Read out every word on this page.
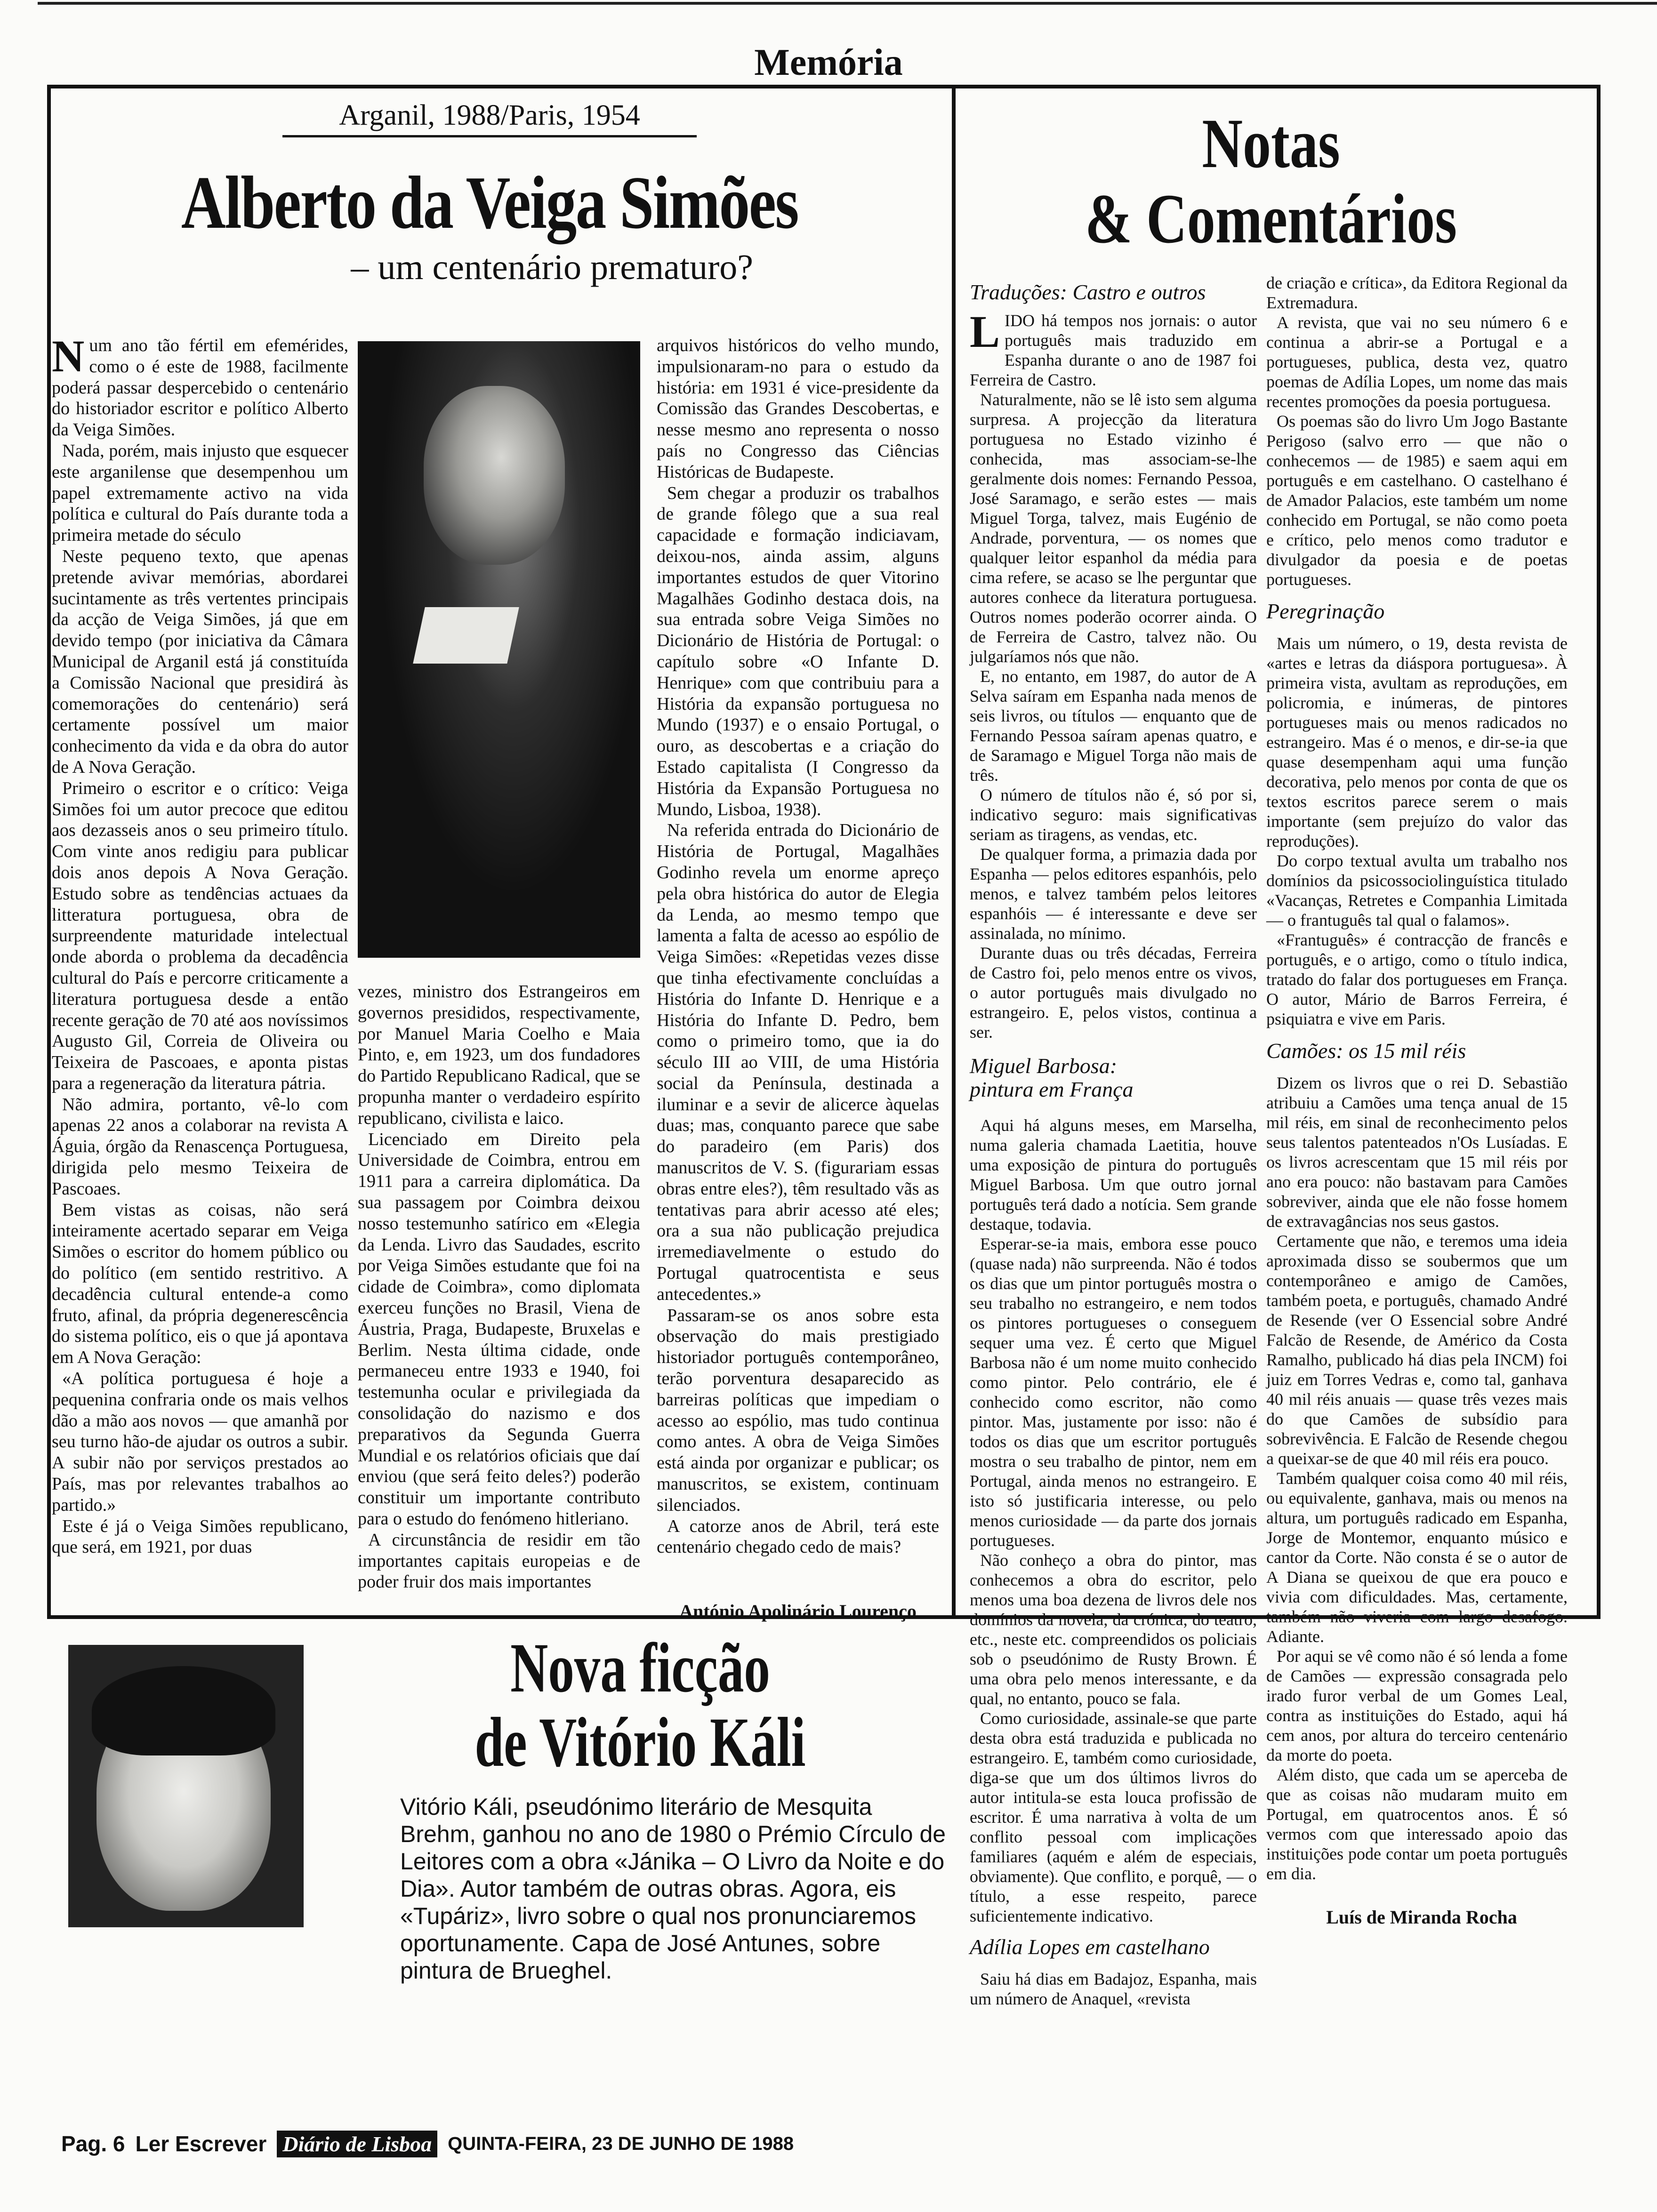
Memória
Arganil, 1988/Paris, 1954
Alberto da Veiga Simões
– um centenário prematuro?
N um ano tão fértil em efemérides, como o é este de 1988, facilmente poderá passar despercebido o centenário do historiador escritor e político Alberto da Veiga Simões.

Nada, porém, mais injusto que esquecer este arganilense que desempenhou um papel extremamente activo na vida política e cultural do País durante toda a primeira metade do século

Neste pequeno texto, que apenas pretende avivar memórias, abordarei sucintamente as três vertentes principais da acção de Veiga Simões, já que em devido tempo (por iniciativa da Câmara Municipal de Arganil está já constituída a Comissão Nacional que presidirá às comemorações do centenário) será certamente possível um maior conhecimento da vida e da obra do autor de A Nova Geração.

Primeiro o escritor e o crítico: Veiga Simões foi um autor precoce que editou aos dezasseis anos o seu primeiro título. Com vinte anos redigiu para publicar dois anos depois A Nova Geração. Estudo sobre as tendências actuaes da litteratura portuguesa, obra de surpreendente maturidade intelectual onde aborda o problema da decadência cultural do País e percorre criticamente a literatura portuguesa desde a então recente geração de 70 até aos novíssimos Augusto Gil, Correia de Oliveira ou Teixeira de Pascoaes, e aponta pistas para a regeneração da literatura pátria.

Não admira, portanto, vê-lo com apenas 22 anos a colaborar na revista A Águia, órgão da Renascença Portuguesa, dirigida pelo mesmo Teixeira de Pascoaes.

Bem vistas as coisas, não será inteiramente acertado separar em Veiga Simões o escritor do homem público ou do político (em sentido restritivo. A decadência cultural entende-a como fruto, afinal, da própria degenerescência do sistema político, eis o que já apontava em A Nova Geração:

«A política portuguesa é hoje a pequenina confraria onde os mais velhos dão a mão aos novos — que amanhã por seu turno hão-de ajudar os outros a subir. A subir não por serviços prestados ao País, mas por relevantes trabalhos ao partido.»

Este é já o Veiga Simões republicano, que será, em 1921, por duas

vezes, ministro dos Estrangeiros em governos presididos, respectivamente, por Manuel Maria Coelho e Maia Pinto, e, em 1923, um dos fundadores do Partido Republicano Radical, que se propunha manter o verdadeiro espírito republicano, civilista e laico.

Licenciado em Direito pela Universidade de Coimbra, entrou em 1911 para a carreira diplomática. Da sua passagem por Coimbra deixou nosso testemunho satírico em «Elegia da Lenda. Livro das Saudades, escrito por Veiga Simões estudante que foi na cidade de Coimbra», como diplomata exerceu funções no Brasil, Viena de Áustria, Praga, Budapeste, Bruxelas e Berlim. Nesta última cidade, onde permaneceu entre 1933 e 1940, foi testemunha ocular e privilegiada da consolidação do nazismo e dos preparativos da Segunda Guerra Mundial e os relatórios oficiais que daí enviou (que será feito deles?) poderão constituir um importante contributo para o estudo do fenómeno hitleriano.

A circunstância de residir em tão importantes capitais europeias e de poder fruir dos mais importantes

arquivos históricos do velho mundo, impulsionaram-no para o estudo da história: em 1931 é vice-presidente da Comissão das Grandes Descobertas, e nesse mesmo ano representa o nosso país no Congresso das Ciências Históricas de Budapeste.

Sem chegar a produzir os trabalhos de grande fôlego que a sua real capacidade e formação indiciavam, deixou-nos, ainda assim, alguns importantes estudos de quer Vitorino Magalhães Godinho destaca dois, na sua entrada sobre Veiga Simões no Dicionário de História de Portugal: o capítulo sobre «O Infante D. Henrique» com que contribuiu para a História da expansão portuguesa no Mundo (1937) e o ensaio Portugal, o ouro, as descobertas e a criação do Estado capitalista (I Congresso da História da Expansão Portuguesa no Mundo, Lisboa, 1938).

Na referida entrada do Dicionário de História de Portugal, Magalhães Godinho revela um enorme apreço pela obra histórica do autor de Elegia da Lenda, ao mesmo tempo que lamenta a falta de acesso ao espólio de Veiga Simões: «Repetidas vezes disse que tinha efectivamente concluídas a História do Infante D. Henrique e a História do Infante D. Pedro, bem como o primeiro tomo, que ia do século III ao VIII, de uma História social da Península, destinada a iluminar e a sevir de alicerce àquelas duas; mas, conquanto parece que sabe do paradeiro (em Paris) dos manuscritos de V. S. (figurariam essas obras entre eles?), têm resultado vãs as tentativas para abrir acesso até eles; ora a sua não publicação prejudica irremediavelmente o estudo do Portugal quatrocentista e seus antecedentes.»

Passaram-se os anos sobre esta observação do mais prestigiado historiador português contemporâneo, terão porventura desaparecido as barreiras políticas que impediam o acesso ao espólio, mas tudo continua como antes. A obra de Veiga Simões está ainda por organizar e publicar; os manuscritos, se existem, continuam silenciados.

A catorze anos de Abril, terá este centenário chegado cedo de mais?

António Apolinário Lourenço
Notas
& Comentários
Traduções: Castro e outros
L IDO há tempos nos jornais: o autor português mais traduzido em Espanha durante o ano de 1987 foi Ferreira de Castro.

Naturalmente, não se lê isto sem alguma surpresa. A projecção da literatura portuguesa no Estado vizinho é conhecida, mas associam-se-lhe geralmente dois nomes: Fernando Pessoa, José Saramago, e serão estes — mais Miguel Torga, talvez, mais Eugénio de Andrade, porventura, — os nomes que qualquer leitor espanhol da média para cima refere, se acaso se lhe perguntar que autores conhece da literatura portuguesa. Outros nomes poderão ocorrer ainda. O de Ferreira de Castro, talvez não. Ou julgaríamos nós que não.

E, no entanto, em 1987, do autor de A Selva saíram em Espanha nada menos de seis livros, ou títulos — enquanto que de Fernando Pessoa saíram apenas quatro, e de Saramago e Miguel Torga não mais de três.

O número de títulos não é, só por si, indicativo seguro: mais significativas seriam as tiragens, as vendas, etc.

De qualquer forma, a primazia dada por Espanha — pelos editores espanhóis, pelo menos, e talvez também pelos leitores espanhóis — é interessante e deve ser assinalada, no mínimo.

Durante duas ou três décadas, Ferreira de Castro foi, pelo menos entre os vivos, o autor português mais divulgado no estrangeiro. E, pelos vistos, continua a ser.

Miguel Barbosa:
pintura em França

Aqui há alguns meses, em Marselha, numa galeria chamada Laetitia, houve uma exposição de pintura do português Miguel Barbosa. Um que outro jornal português terá dado a notícia. Sem grande destaque, todavia.

Esperar-se-ia mais, embora esse pouco (quase nada) não surpreenda. Não é todos os dias que um pintor português mostra o seu trabalho no estrangeiro, e nem todos os pintores portugueses o conseguem sequer uma vez. É certo que Miguel Barbosa não é um nome muito conhecido como pintor. Pelo contrário, ele é conhecido como escritor, não como pintor. Mas, justamente por isso: não é todos os dias que um escritor português mostra o seu trabalho de pintor, nem em Portugal, ainda menos no estrangeiro. E isto só justificaria interesse, ou pelo menos curiosidade — da parte dos jornais portugueses.

Não conheço a obra do pintor, mas conhecemos a obra do escritor, pelo menos uma boa dezena de livros dele nos domínios da novela, da crónica, do teatro, etc., neste etc. compreendidos os policiais sob o pseudónimo de Rusty Brown. É uma obra pelo menos interessante, e da qual, no entanto, pouco se fala.

Como curiosidade, assinale-se que parte desta obra está traduzida e publicada no estrangeiro. E, também como curiosidade, diga-se que um dos últimos livros do autor intitula-se esta louca profissão de escritor. É uma narrativa à volta de um conflito pessoal com implicações familiares (aquém e além de especiais, obviamente). Que conflito, e porquê, — o título, a esse respeito, parece suficientemente indicativo.

Adília Lopes em castelhano

Saiu há dias em Badajoz, Espanha, mais um número de Anaquel, «revista

de criação e crítica», da Editora Regional da Extremadura.

A revista, que vai no seu número 6 e continua a abrir-se a Portugal e a portugueses, publica, desta vez, quatro poemas de Adília Lopes, um nome das mais recentes promoções da poesia portuguesa.

Os poemas são do livro Um Jogo Bastante Perigoso (salvo erro — que não o conhecemos — de 1985) e saem aqui em português e em castelhano. O castelhano é de Amador Palacios, este também um nome conhecido em Portugal, se não como poeta e crítico, pelo menos como tradutor e divulgador da poesia e de poetas portugueses.

Peregrinação

Mais um número, o 19, desta revista de «artes e letras da diáspora portuguesa». À primeira vista, avultam as reproduções, em policromia, e inúmeras, de pintores portugueses mais ou menos radicados no estrangeiro. Mas é o menos, e dir-se-ia que quase desempenham aqui uma função decorativa, pelo menos por conta de que os textos escritos parece serem o mais importante (sem prejuízo do valor das reproduções).

Do corpo textual avulta um trabalho nos domínios da psicossociolinguística titulado «Vacanças, Retretes e Companhia Limitada — o frantuguês tal qual o falamos».

«Frantuguês» é contracção de francês e português, e o artigo, como o título indica, tratado do falar dos portugueses em França. O autor, Mário de Barros Ferreira, é psiquiatra e vive em Paris.

Camões: os 15 mil réis

Dizem os livros que o rei D. Sebastião atribuiu a Camões uma tença anual de 15 mil réis, em sinal de reconhecimento pelos seus talentos patenteados n'Os Lusíadas. E os livros acrescentam que 15 mil réis por ano era pouco: não bastavam para Camões sobreviver, ainda que ele não fosse homem de extravagâncias nos seus gastos.

Certamente que não, e teremos uma ideia aproximada disso se soubermos que um contemporâneo e amigo de Camões, também poeta, e português, chamado André de Resende (ver O Essencial sobre André Falcão de Resende, de Américo da Costa Ramalho, publicado há dias pela INCM) foi juiz em Torres Vedras e, como tal, ganhava 40 mil réis anuais — quase três vezes mais do que Camões de subsídio para sobrevivência. E Falcão de Resende chegou a queixar-se de que 40 mil réis era pouco.

Também qualquer coisa como 40 mil réis, ou equivalente, ganhava, mais ou menos na altura, um português radicado em Espanha, Jorge de Montemor, enquanto músico e cantor da Corte. Não consta é se o autor de A Diana se queixou de que era pouco e vivia com dificuldades. Mas, certamente, também não viveria com largo desafogo. Adiante.

Por aqui se vê como não é só lenda a fome de Camões — expressão consagrada pelo irado furor verbal de um Gomes Leal, contra as instituições do Estado, aqui há cem anos, por altura do terceiro centenário da morte do poeta.

Além disto, que cada um se aperceba de que as coisas não mudaram muito em Portugal, em quatrocentos anos. É só vermos com que interessado apoio das instituições pode contar um poeta português em dia.

Luís de Miranda Rocha
Nova ficção
de Vitório Káli
Vitório Káli, pseudónimo literário de Mesquita Brehm, ganhou no ano de 1980 o Prémio Círculo de Leitores com a obra «Jánika – O Livro da Noite e do Dia». Autor também de outras obras. Agora, eis «Tupáriz», livro sobre o qual nos pronunciaremos oportunamente. Capa de José Antunes, sobre pintura de Brueghel.
Pag. 6 Ler Escrever Diário de Lisboa QUINTA-FEIRA, 23 DE JUNHO DE 1988
